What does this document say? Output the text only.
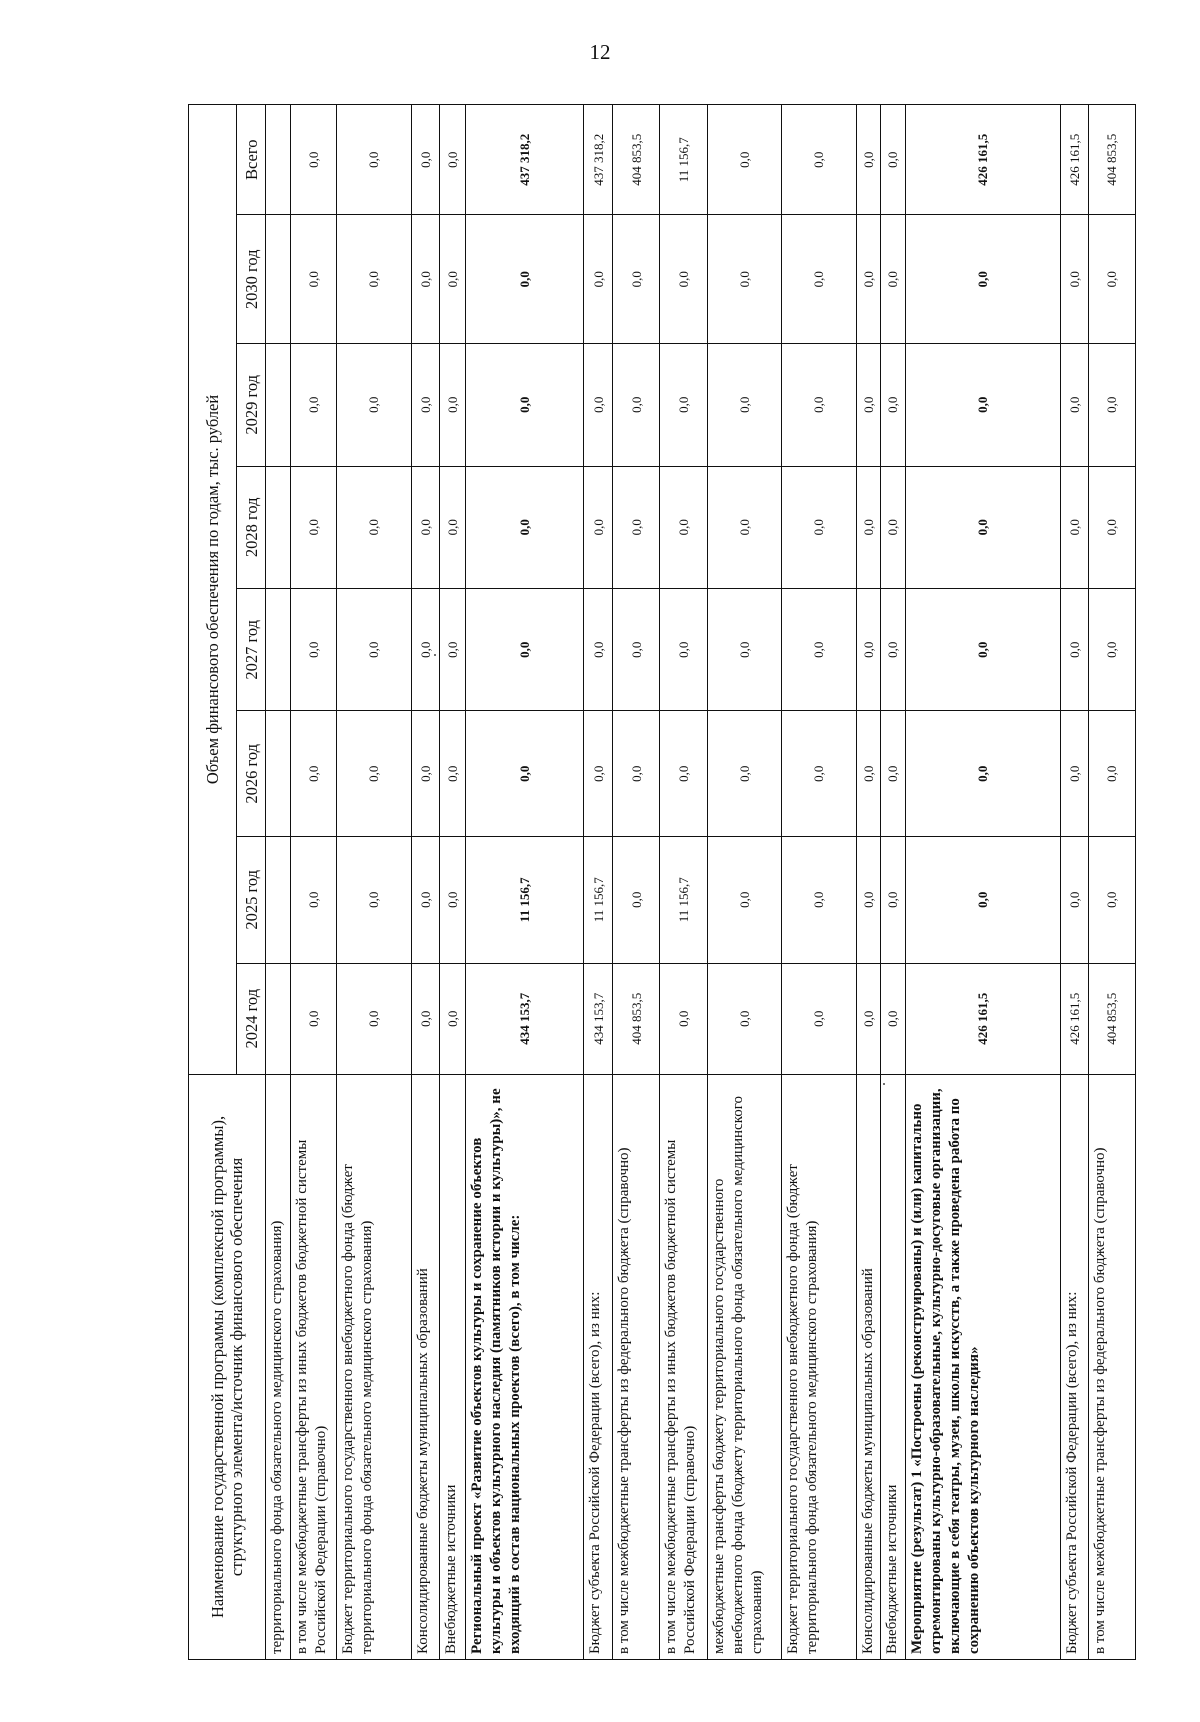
12
Наименование государственной программы (комплексной программы), структурного элемента/источник финансового обеспечения	Объем финансового обеспечения по годам, тыс. рублей							
	2024 год	2025 год	2026 год	2027 год	2028 год	2029 год	2030 год	Всего
территориального фонда обязательного медицинского страхования)								
в том числе межбюджетные трансферты из иных бюджетов бюджетной системы Российской Федерации (справочно)	0,0	0,0	0,0	0,0	0,0	0,0	0,0	0,0
Бюджет территориального государственного внебюджетного фонда (бюджет территориального фонда обязательного медицинского страхования)	0,0	0,0	0,0	0,0	0,0	0,0	0,0	0,0
Консолидированные бюджеты муниципальных образований	0,0	0,0	0,0	0,0	0,0	0,0	0,0	0,0
Внебюджетные источники	0,0	0,0	0,0	0,0	0,0	0,0	0,0	0,0
Региональный проект «Развитие объектов культуры и сохранение объектов культуры и объектов культурного наследия (памятников истории и культуры)», не входящий в состав национальных проектов (всего), в том числе:	434 153,7	11 156,7	0,0	0,0	0,0	0,0	0,0	437 318,2
Бюджет субъекта Российской Федерации (всего), из них:	434 153,7	11 156,7	0,0	0,0	0,0	0,0	0,0	437 318,2
в том числе межбюджетные трансферты из федерального бюджета (справочно)	404 853,5	0,0	0,0	0,0	0,0	0,0	0,0	404 853,5
в том числе межбюджетные трансферты из иных бюджетов бюджетной системы Российской Федерации (справочно)	0,0	11 156,7	0,0	0,0	0,0	0,0	0,0	11 156,7
межбюджетные трансферты бюджету территориального государственного внебюджетного фонда (бюджету территориального фонда обязательного медицинского страхования)	0,0	0,0	0,0	0,0	0,0	0,0	0,0	0,0
Бюджет территориального государственного внебюджетного фонда (бюджет территориального фонда обязательного медицинского страхования)	0,0	0,0	0,0	0,0	0,0	0,0	0,0	0,0
Консолидированные бюджеты муниципальных образований	0,0	0,0	0,0	0,0	0,0	0,0	0,0	0,0
Внебюджетные источники	0,0	0,0	0,0	0,0	0,0	0,0	0,0	0,0
Мероприятие (результат) 1 «Построены (реконструированы) и (или) капитально отремонтированы культурно-образовательные, культурно-досуговые организации, включающие в себя театры, музеи, школы искусств, а также проведена работа по сохранению объектов культурного наследия»	426 161,5	0,0	0,0	0,0	0,0	0,0	0,0	426 161,5
Бюджет субъекта Российской Федерации (всего), из них:	426 161,5	0,0	0,0	0,0	0,0	0,0	0,0	426 161,5
в том числе межбюджетные трансферты из федерального бюджета (справочно)	404 853,5	0,0	0,0	0,0	0,0	0,0	0,0	404 853,5
